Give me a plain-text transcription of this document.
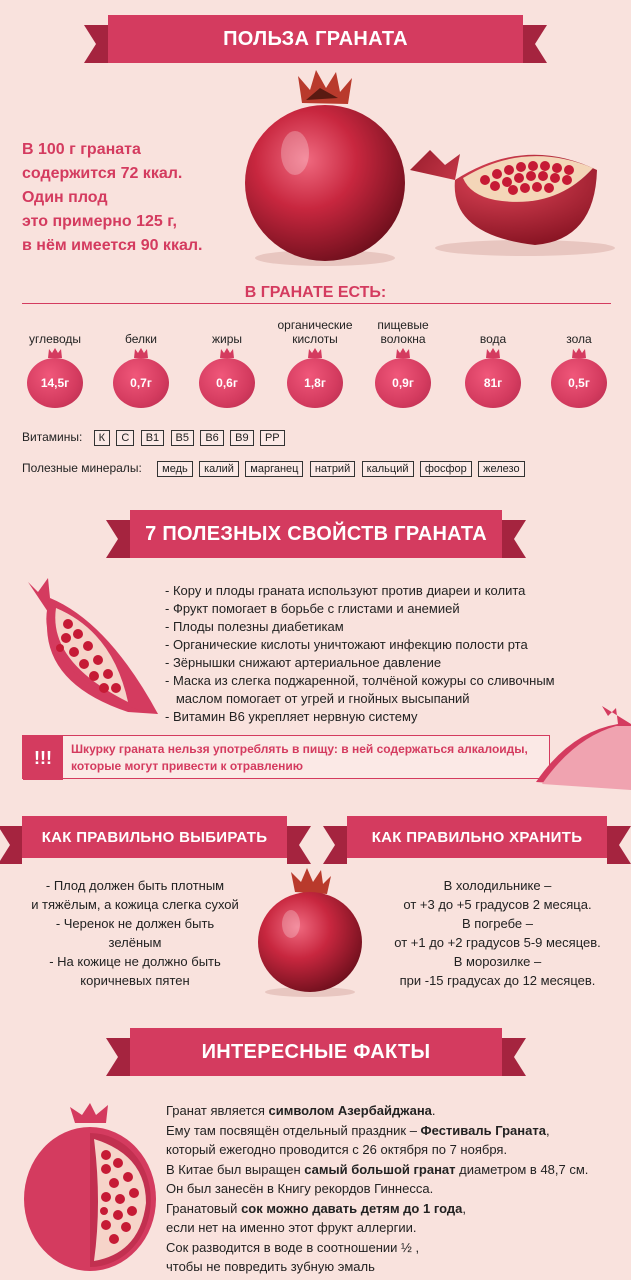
ПОЛЬЗА ГРАНАТА
В 100 г граната
содержится 72 ккал.
Один плод
это примерно 125 г,
в нём имеется 90 ккал.
В ГРАНАТЕ ЕСТЬ:
углеводы
14,5г
белки
0,7г
жиры
0,6г
органические кислоты
1,8г
пищевые волокна
0,9г
вода
81г
зола
0,5г
Витамины: К С В1 В5 В6 В9 РР
Полезные минералы: медь калий марганец натрий кальций фосфор железо
7 ПОЛЕЗНЫХ СВОЙСТВ ГРАНАТА
- Кору и плоды граната используют против диареи и колита
- Фрукт помогает в борьбе с глистами и анемией
- Плоды полезны диабетикам
- Органические кислоты уничтожают инфекцию полости рта
- Зёрнышки снижают артериальное давление
- Маска из слегка поджаренной, толчёной кожуры со сливочным
маслом помогает от угрей и гнойных высыпаний
- Витамин В6 укрепляет нервную систему
!!!	Шкурку граната нельзя употреблять в пищу: в ней содержаться алкалоиды, которые могут привести к отравлению
КАК ПРАВИЛЬНО ВЫБИРАТЬ	КАК ПРАВИЛЬНО ХРАНИТЬ
- Плод должен быть плотным
и тяжёлым, а кожица слегка сухой
- Черенок не должен быть
зелёным
- На кожице не должно быть
коричневых пятен
В холодильнике –
от +3 до +5 градусов 2 месяца.
В погребе –
от +1 до +2 градусов 5-9 месяцев.
В морозилке –
при -15 градусах до 12 месяцев.
ИНТЕРЕСНЫЕ ФАКТЫ
Гранат является символом Азербайджана.
Ему там посвящён отдельный праздник – Фестиваль Граната,
который ежегодно проводится с 26 октября по 7 ноября.
В Китае был выращен самый большой гранат диаметром в 48,7 см.
Он был занесён в Книгу рекордов Гиннесса.
Гранатовый сок можно давать детям до 1 года,
если нет на именно этот фрукт аллергии.
Сок разводится в воде в соотношении ½ ,
чтобы не повредить зубную эмаль
